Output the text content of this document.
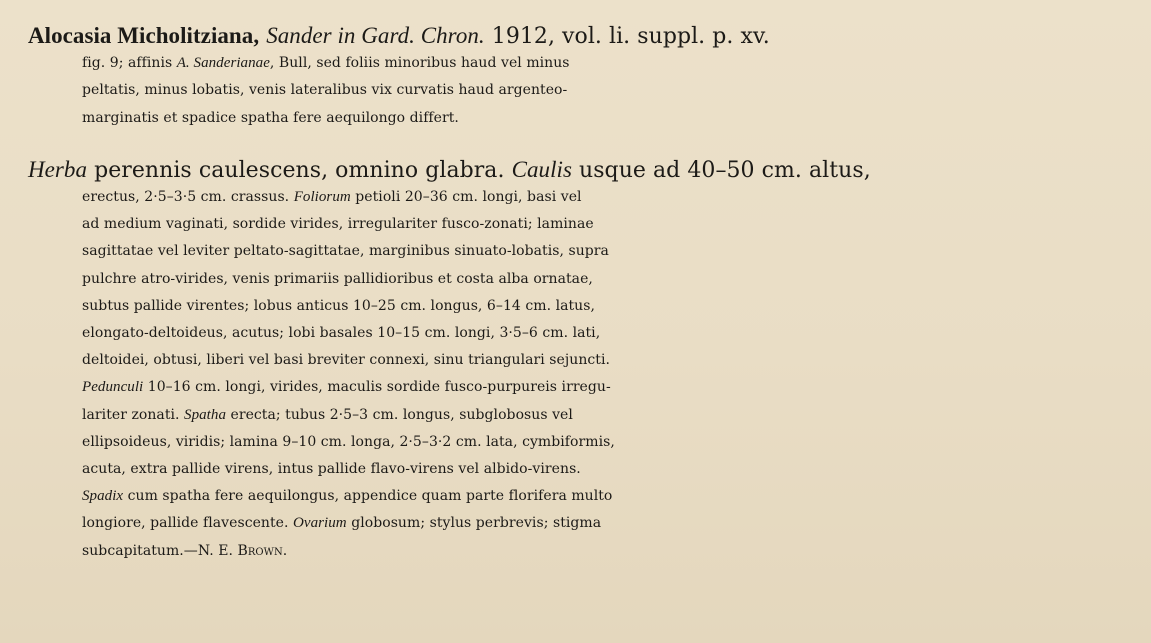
Alocasia Micholitziana, Sander in Gard. Chron. 1912, vol. li. suppl. p. xv.
fig. 9; affinis A. Sanderianae, Bull, sed foliis minoribus haud vel minus
peltatis, minus lobatis, venis lateralibus vix curvatis haud argenteo-
marginatis et spadice spatha fere aequilongo differt.
Herba perennis caulescens, omnino glabra. Caulis usque ad 40–50 cm. altus,
erectus, 2·5–3·5 cm. crassus. Foliorum petioli 20–36 cm. longi, basi vel
ad medium vaginati, sordide virides, irregulariter fusco-zonati; laminae
sagittatae vel leviter peltato-sagittatae, marginibus sinuato-lobatis, supra
pulchre atro-virides, venis primariis pallidioribus et costa alba ornatae,
subtus pallide virentes; lobus anticus 10–25 cm. longus, 6–14 cm. latus,
elongato-deltoideus, acutus; lobi basales 10–15 cm. longi, 3·5–6 cm. lati,
deltoidei, obtusi, liberi vel basi breviter connexi, sinu triangulari sejuncti.
Pedunculi 10–16 cm. longi, virides, maculis sordide fusco-purpureis irregu-
lariter zonati. Spatha erecta; tubus 2·5–3 cm. longus, subglobosus vel
ellipsoideus, viridis; lamina 9–10 cm. longa, 2·5–3·2 cm. lata, cymbiformis,
acuta, extra pallide virens, intus pallide flavo-virens vel albido-virens.
Spadix cum spatha fere aequilongus, appendice quam parte florifera multo
longiore, pallide flavescente. Ovarium globosum; stylus perbrevis; stigma
subcapitatum.—N. E. Brown.
